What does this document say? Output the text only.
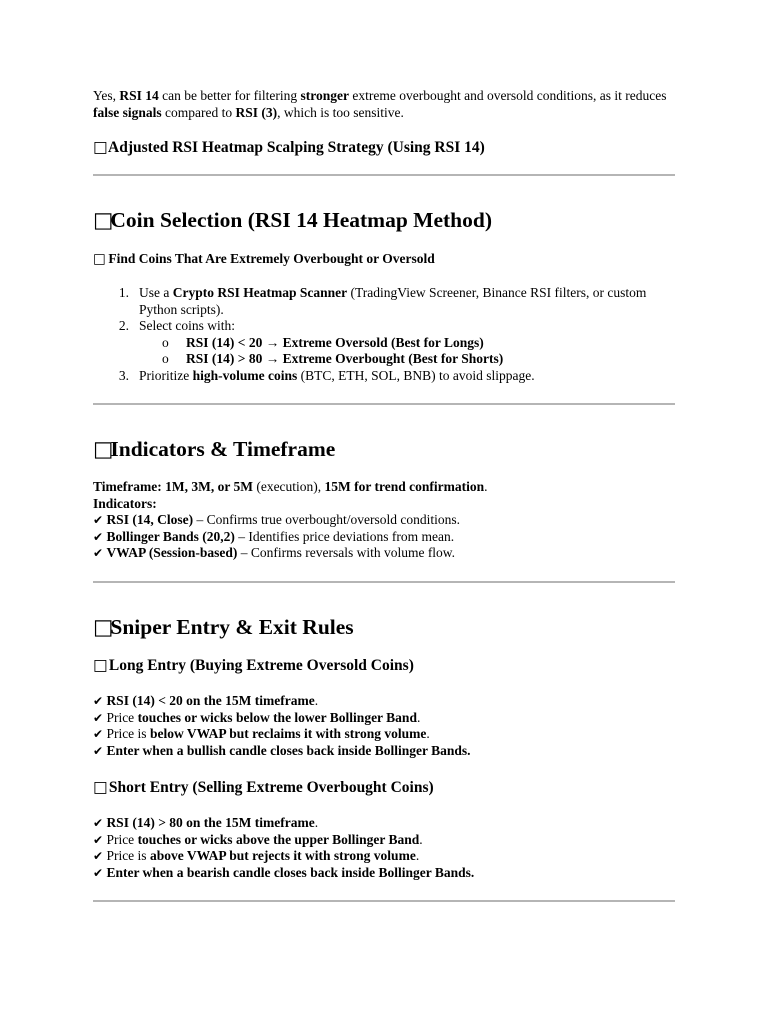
Yes, RSI 14 can be better for filtering stronger extreme overbought and oversold conditions, as it reduces false signals compared to RSI (3), which is too sensitive.
□ Adjusted RSI Heatmap Scalping Strategy (Using RSI 14)
□ Coin Selection (RSI 14 Heatmap Method)
□ Find Coins That Are Extremely Overbought or Oversold
1. Use a Crypto RSI Heatmap Scanner (TradingView Screener, Binance RSI filters, or custom Python scripts).
2. Select coins with:
o RSI (14) < 20 → Extreme Oversold (Best for Longs)
o RSI (14) > 80 → Extreme Overbought (Best for Shorts)
3. Prioritize high-volume coins (BTC, ETH, SOL, BNB) to avoid slippage.
□ Indicators & Timeframe
Timeframe: 1M, 3M, or 5M (execution), 15M for trend confirmation.
Indicators:
✔ RSI (14, Close) – Confirms true overbought/oversold conditions.
✔ Bollinger Bands (20,2) – Identifies price deviations from mean.
✔ VWAP (Session-based) – Confirms reversals with volume flow.
□ Sniper Entry & Exit Rules
□ Long Entry (Buying Extreme Oversold Coins)
✔ RSI (14) < 20 on the 15M timeframe.
✔ Price touches or wicks below the lower Bollinger Band.
✔ Price is below VWAP but reclaims it with strong volume.
✔ Enter when a bullish candle closes back inside Bollinger Bands.
□ Short Entry (Selling Extreme Overbought Coins)
✔ RSI (14) > 80 on the 15M timeframe.
✔ Price touches or wicks above the upper Bollinger Band.
✔ Price is above VWAP but rejects it with strong volume.
✔ Enter when a bearish candle closes back inside Bollinger Bands.
